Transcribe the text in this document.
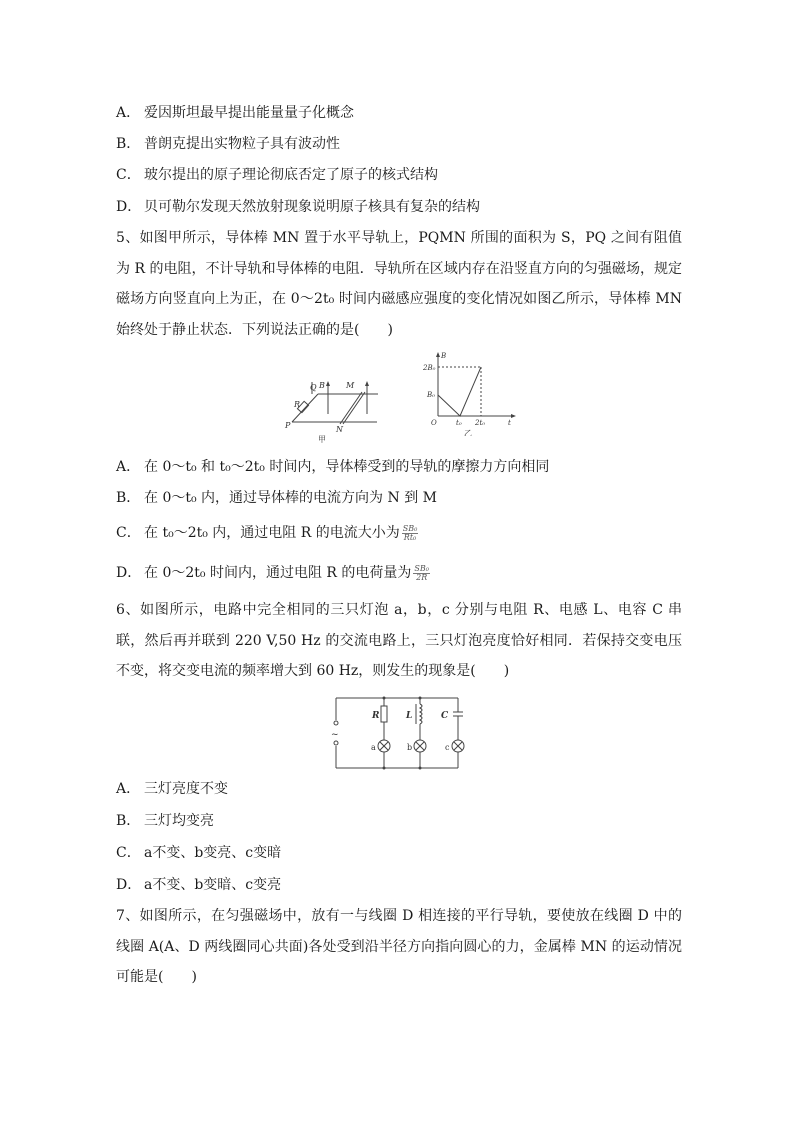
A． 爱因斯坦最早提出能量量子化概念
B． 普朗克提出实物粒子具有波动性
C． 玻尔提出的原子理论彻底否定了原子的核式结构
D． 贝可勒尔发现天然放射现象说明原子核具有复杂的结构
5、如图甲所示，导体棒 MN 置于水平导轨上，PQMN 所围的面积为 S，PQ 之间有阻值为 R 的电阻，不计导轨和导体棒的电阻．导轨所在区域内存在沿竖直方向的匀强磁场，规定磁场方向竖直向上为正，在 0～2t₀ 时间内磁感应强度的变化情况如图乙所示，导体棒 MN 始终处于静止状态．下列说法正确的是(　　)
Q B	M
R
P	N
甲
B
2B₀
B₀
O	t₀ 2t₀	t
乙
A． 在 0～t₀ 和 t₀～2t₀ 时间内，导体棒受到的导轨的摩擦力方向相同
B． 在 0～t₀ 内，通过导体棒的电流方向为 N 到 M
C． 在 t₀～2t₀ 内，通过电阻 R 的电流大小为 $\frac{\text{SB₀}}{\text{Rt₀}}$
D． 在 0～2t₀ 时间内，通过电阻 R 的电荷量为 $\frac{\text{SB₀}}{2R}$
6、如图所示，电路中完全相同的三只灯泡 a，b，c 分别与电阻 R、电感 L、电容 C 串联，然后再并联到 220 V,50 Hz 的交流电路上，三只灯泡亮度恰好相同．若保持交变电压不变，将交变电流的频率增大到 60 Hz，则发生的现象是(　　)
~
R	L	C
a	b	c
A． 三灯亮度不变
B． 三灯均变亮
C． a不变、b变亮、c变暗
D． a不变、b变暗、c变亮
7、如图所示，在匀强磁场中，放有一与线圈 D 相连接的平行导轨，要使放在线圈 D 中的线圈 A(A、D 两线圈同心共面)各处受到沿半径方向指向圆心的力，金属棒 MN 的运动情况可能是(　　)
